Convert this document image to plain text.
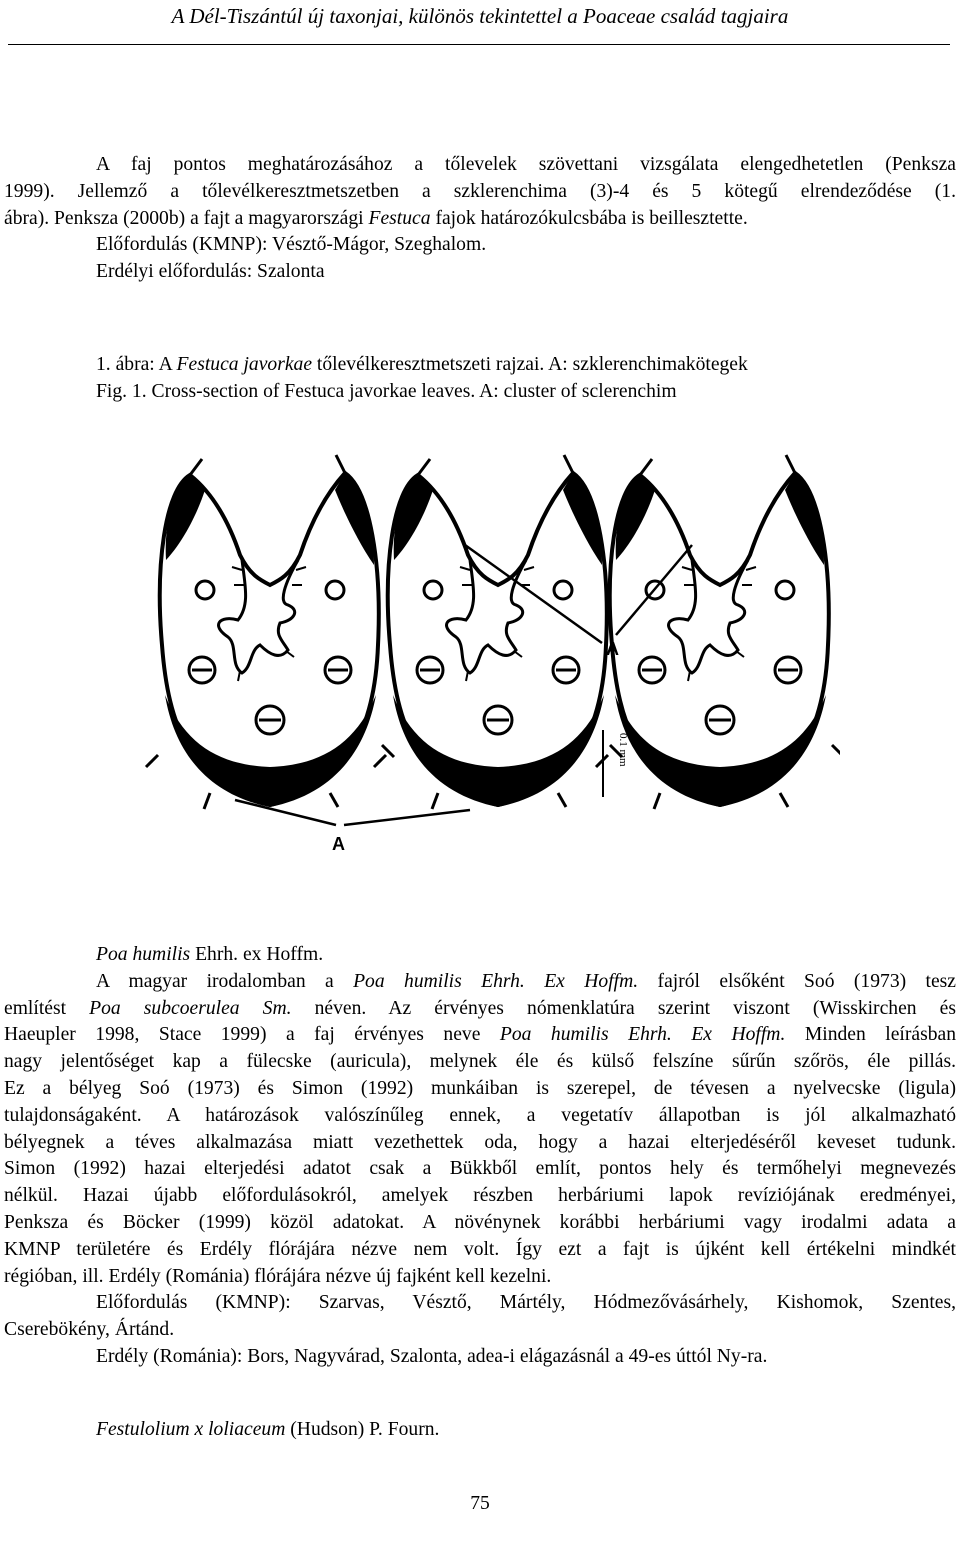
A Dél-Tiszántúl új taxonjai, különös tekintettel a Poaceae család tagjaira
A faj pontos meghatározásához a tőlevelek szövettani vizsgálata elengedhetetlen (Penksza
1999). Jellemző a tőlevélkeresztmetszetben a szklerenchima (3)-4 és 5 kötegű elrendeződése (1.
ábra). Penksza (2000b) a fajt a magyarországi Festuca fajok határozókulcsbába is beillesztette.
Előfordulás (KMNP): Vésztő-Mágor, Szeghalom.
Erdélyi előfordulás: Szalonta
1. ábra: A Festuca javorkae tőlevélkeresztmetszeti rajzai. A: szklerenchimakötegek
Fig. 1. Cross-section of Festuca javorkae leaves. A: cluster of sclerenchim
A
A
0.1 mm
Poa humilis Ehrh. ex Hoffm.
A magyar irodalomban a Poa humilis Ehrh. Ex Hoffm. fajról elsőként Soó (1973) tesz
említést Poa subcoerulea Sm. néven. Az érvényes nómenklatúra szerint viszont (Wisskirchen és
Haeupler 1998, Stace 1999) a faj érvényes neve Poa humilis Ehrh. Ex Hoffm. Minden leírásban
nagy jelentőséget kap a fülecske (auricula), melynek éle és külső felszíne sűrűn szőrös, éle pillás.
Ez a bélyeg Soó (1973) és Simon (1992) munkáiban is szerepel, de tévesen a nyelvecske (ligula)
tulajdonságaként. A határozások valószínűleg ennek, a vegetatív állapotban is jól alkalmazható
bélyegnek a téves alkalmazása miatt vezethettek oda, hogy a hazai elterjedéséről keveset tudunk.
Simon (1992) hazai elterjedési adatot csak a Bükkből említ, pontos hely és termőhelyi megnevezés
nélkül. Hazai újabb előfordulásokról, amelyek részben herbáriumi lapok revíziójának eredményei,
Penksza és Böcker (1999) közöl adatokat. A növénynek korábbi herbáriumi vagy irodalmi adata a
KMNP területére és Erdély flórájára nézve nem volt. Így ezt a fajt is újként kell értékelni mindkét
régióban, ill. Erdély (Románia) flórájára nézve új fajként kell kezelni.
Előfordulás (KMNP): Szarvas, Vésztő, Mártély, Hódmezővásárhely, Kishomok, Szentes,
Cserebökény, Ártánd.
Erdély (Románia): Bors, Nagyvárad, Szalonta, adea-i elágazásnál a 49-es úttól Ny-ra.
Festulolium x loliaceum (Hudson) P. Fourn.
75
